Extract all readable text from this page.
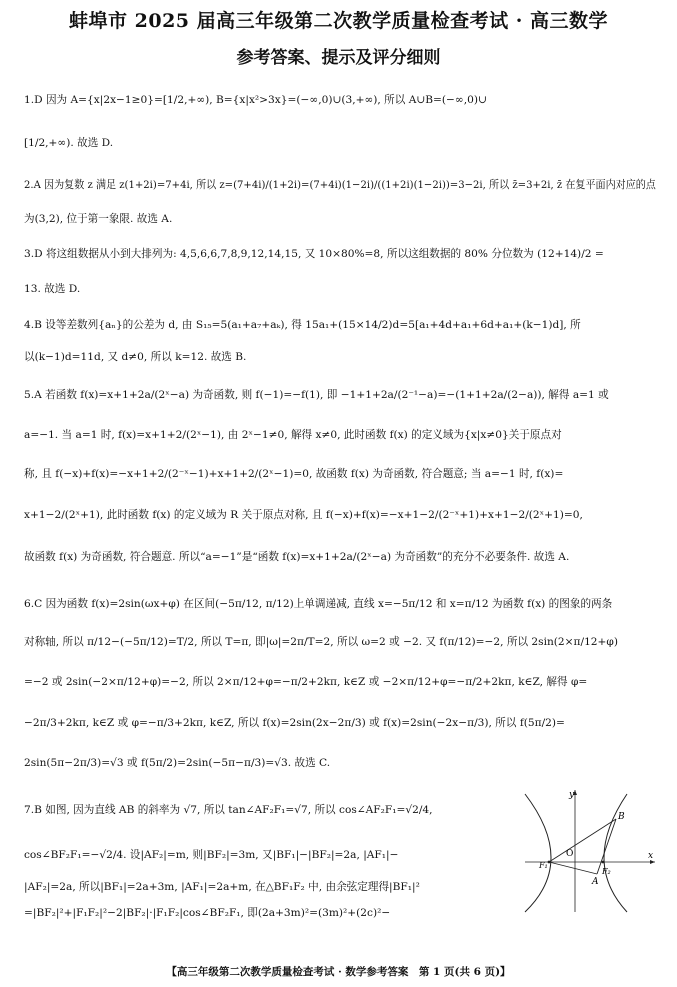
蚌埠市 2025 届高三年级第二次教学质量检查考试 · 高三数学
参考答案、提示及评分细则
1.D 因为 A={x|2x−1≥0}=[1/2,+∞), B={x|x²>3x}=(−∞,0)∪(3,+∞), 所以 A∪B=(−∞,0)∪
[1/2,+∞). 故选 D.
2.A 因为复数 z 满足 z(1+2i)=7+4i, 所以 z=(7+4i)/(1+2i)=(7+4i)(1−2i)/((1+2i)(1−2i))=3−2i, 所以 z̄=3+2i, z̄ 在复平面内对应的点
为(3,2), 位于第一象限. 故选 A.
3.D 将这组数据从小到大排列为: 4,5,6,6,7,8,9,12,14,15, 又 10×80%=8, 所以这组数据的 80% 分位数为 (12+14)/2 =
13. 故选 D.
4.B 设等差数列{aₙ}的公差为 d, 由 S₁₅=5(a₁+a₇+aₖ), 得 15a₁+(15×14/2)d=5[a₁+4d+a₁+6d+a₁+(k−1)d], 所
以(k−1)d=11d, 又 d≠0, 所以 k=12. 故选 B.
5.A 若函数 f(x)=x+1+2a/(2ˣ−a) 为奇函数, 则 f(−1)=−f(1), 即 −1+1+2a/(2⁻¹−a)=−(1+1+2a/(2−a)), 解得 a=1 或
a=−1. 当 a=1 时, f(x)=x+1+2/(2ˣ−1), 由 2ˣ−1≠0, 解得 x≠0, 此时函数 f(x) 的定义域为{x|x≠0}关于原点对
称, 且 f(−x)+f(x)=−x+1+2/(2⁻ˣ−1)+x+1+2/(2ˣ−1)=0, 故函数 f(x) 为奇函数, 符合题意; 当 a=−1 时, f(x)=
x+1−2/(2ˣ+1), 此时函数 f(x) 的定义域为 R 关于原点对称, 且 f(−x)+f(x)=−x+1−2/(2⁻ˣ+1)+x+1−2/(2ˣ+1)=0,
故函数 f(x) 为奇函数, 符合题意. 所以“a=−1”是“函数 f(x)=x+1+2a/(2ˣ−a) 为奇函数”的充分不必要条件. 故选 A.
6.C 因为函数 f(x)=2sin(ωx+φ) 在区间(−5π/12, π/12)上单调递减, 直线 x=−5π/12 和 x=π/12 为函数 f(x) 的图象的两条
对称轴, 所以 π/12−(−5π/12)=T/2, 所以 T=π, 即|ω|=2π/T=2, 所以 ω=2 或 −2. 又 f(π/12)=−2, 所以 2sin(2×π/12+φ)
=−2 或 2sin(−2×π/12+φ)=−2, 所以 2×π/12+φ=−π/2+2kπ, k∈Z 或 −2×π/12+φ=−π/2+2kπ, k∈Z, 解得 φ=
−2π/3+2kπ, k∈Z 或 φ=−π/3+2kπ, k∈Z, 所以 f(x)=2sin(2x−2π/3) 或 f(x)=2sin(−2x−π/3), 所以 f(5π/2)=
2sin(5π−2π/3)=√3 或 f(5π/2)=2sin(−5π−π/3)=√3. 故选 C.
7.B 如图, 因为直线 AB 的斜率为 √7, 所以 tan∠AF₂F₁=√7, 所以 cos∠AF₂F₁=√2/4,
cos∠BF₂F₁=−√2/4. 设|AF₂|=m, 则|BF₂|=3m, 又|BF₁|−|BF₂|=2a, |AF₁|−
|AF₂|=2a, 所以|BF₁|=2a+3m, |AF₁|=2a+m, 在△BF₁F₂ 中, 由余弦定理得|BF₁|²
=|BF₂|²+|F₁F₂|²−2|BF₂|·|F₁F₂|cos∠BF₂F₁, 即(2a+3m)²=(3m)²+(2c)²−
y
x
O
B
A
F₁
F₂
【高三年级第二次教学质量检查考试 · 数学参考答案　第 1 页(共 6 页)】
